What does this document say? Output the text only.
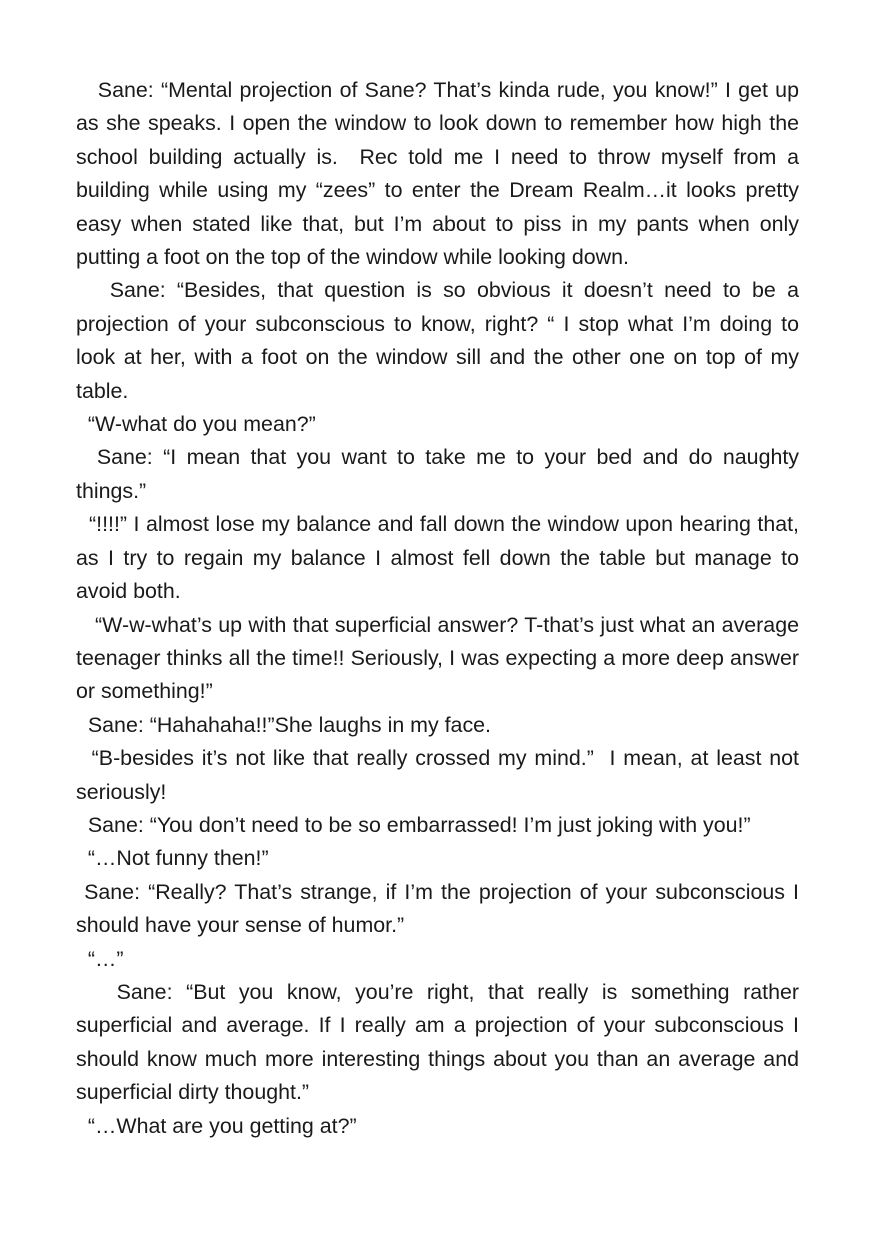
Sane: “Mental projection of Sane? That’s kinda rude, you know!” I get up as she speaks. I open the window to look down to remember how high the school building actually is.  Rec told me I need to throw myself from a building while using my “zees” to enter the Dream Realm…it looks pretty easy when stated like that, but I’m about to piss in my pants when only putting a foot on the top of the window while looking down.

Sane: “Besides, that question is so obvious it doesn’t need to be a projection of your subconscious to know, right? “ I stop what I’m doing to look at her, with a foot on the window sill and the other one on top of my table.

“W-what do you mean?”

Sane: “I mean that you want to take me to your bed and do naughty things.”

“!!!!” I almost lose my balance and fall down the window upon hearing that, as I try to regain my balance I almost fell down the table but manage to avoid both.

“W-w-what’s up with that superficial answer? T-that’s just what an average teenager thinks all the time!! Seriously, I was expecting a more deep answer or something!”

Sane: “Hahahaha!!”She laughs in my face.

“B-besides it’s not like that really crossed my mind.”  I mean, at least not seriously!

Sane: “You don’t need to be so embarrassed! I’m just joking with you!”

“…Not funny then!”

Sane: “Really? That’s strange, if I’m the projection of your subconscious I should have your sense of humor.”

“…”

Sane: “But you know, you’re right, that really is something rather superficial and average. If I really am a projection of your subconscious I should know much more interesting things about you than an average and superficial dirty thought.”

“…What are you getting at?”
